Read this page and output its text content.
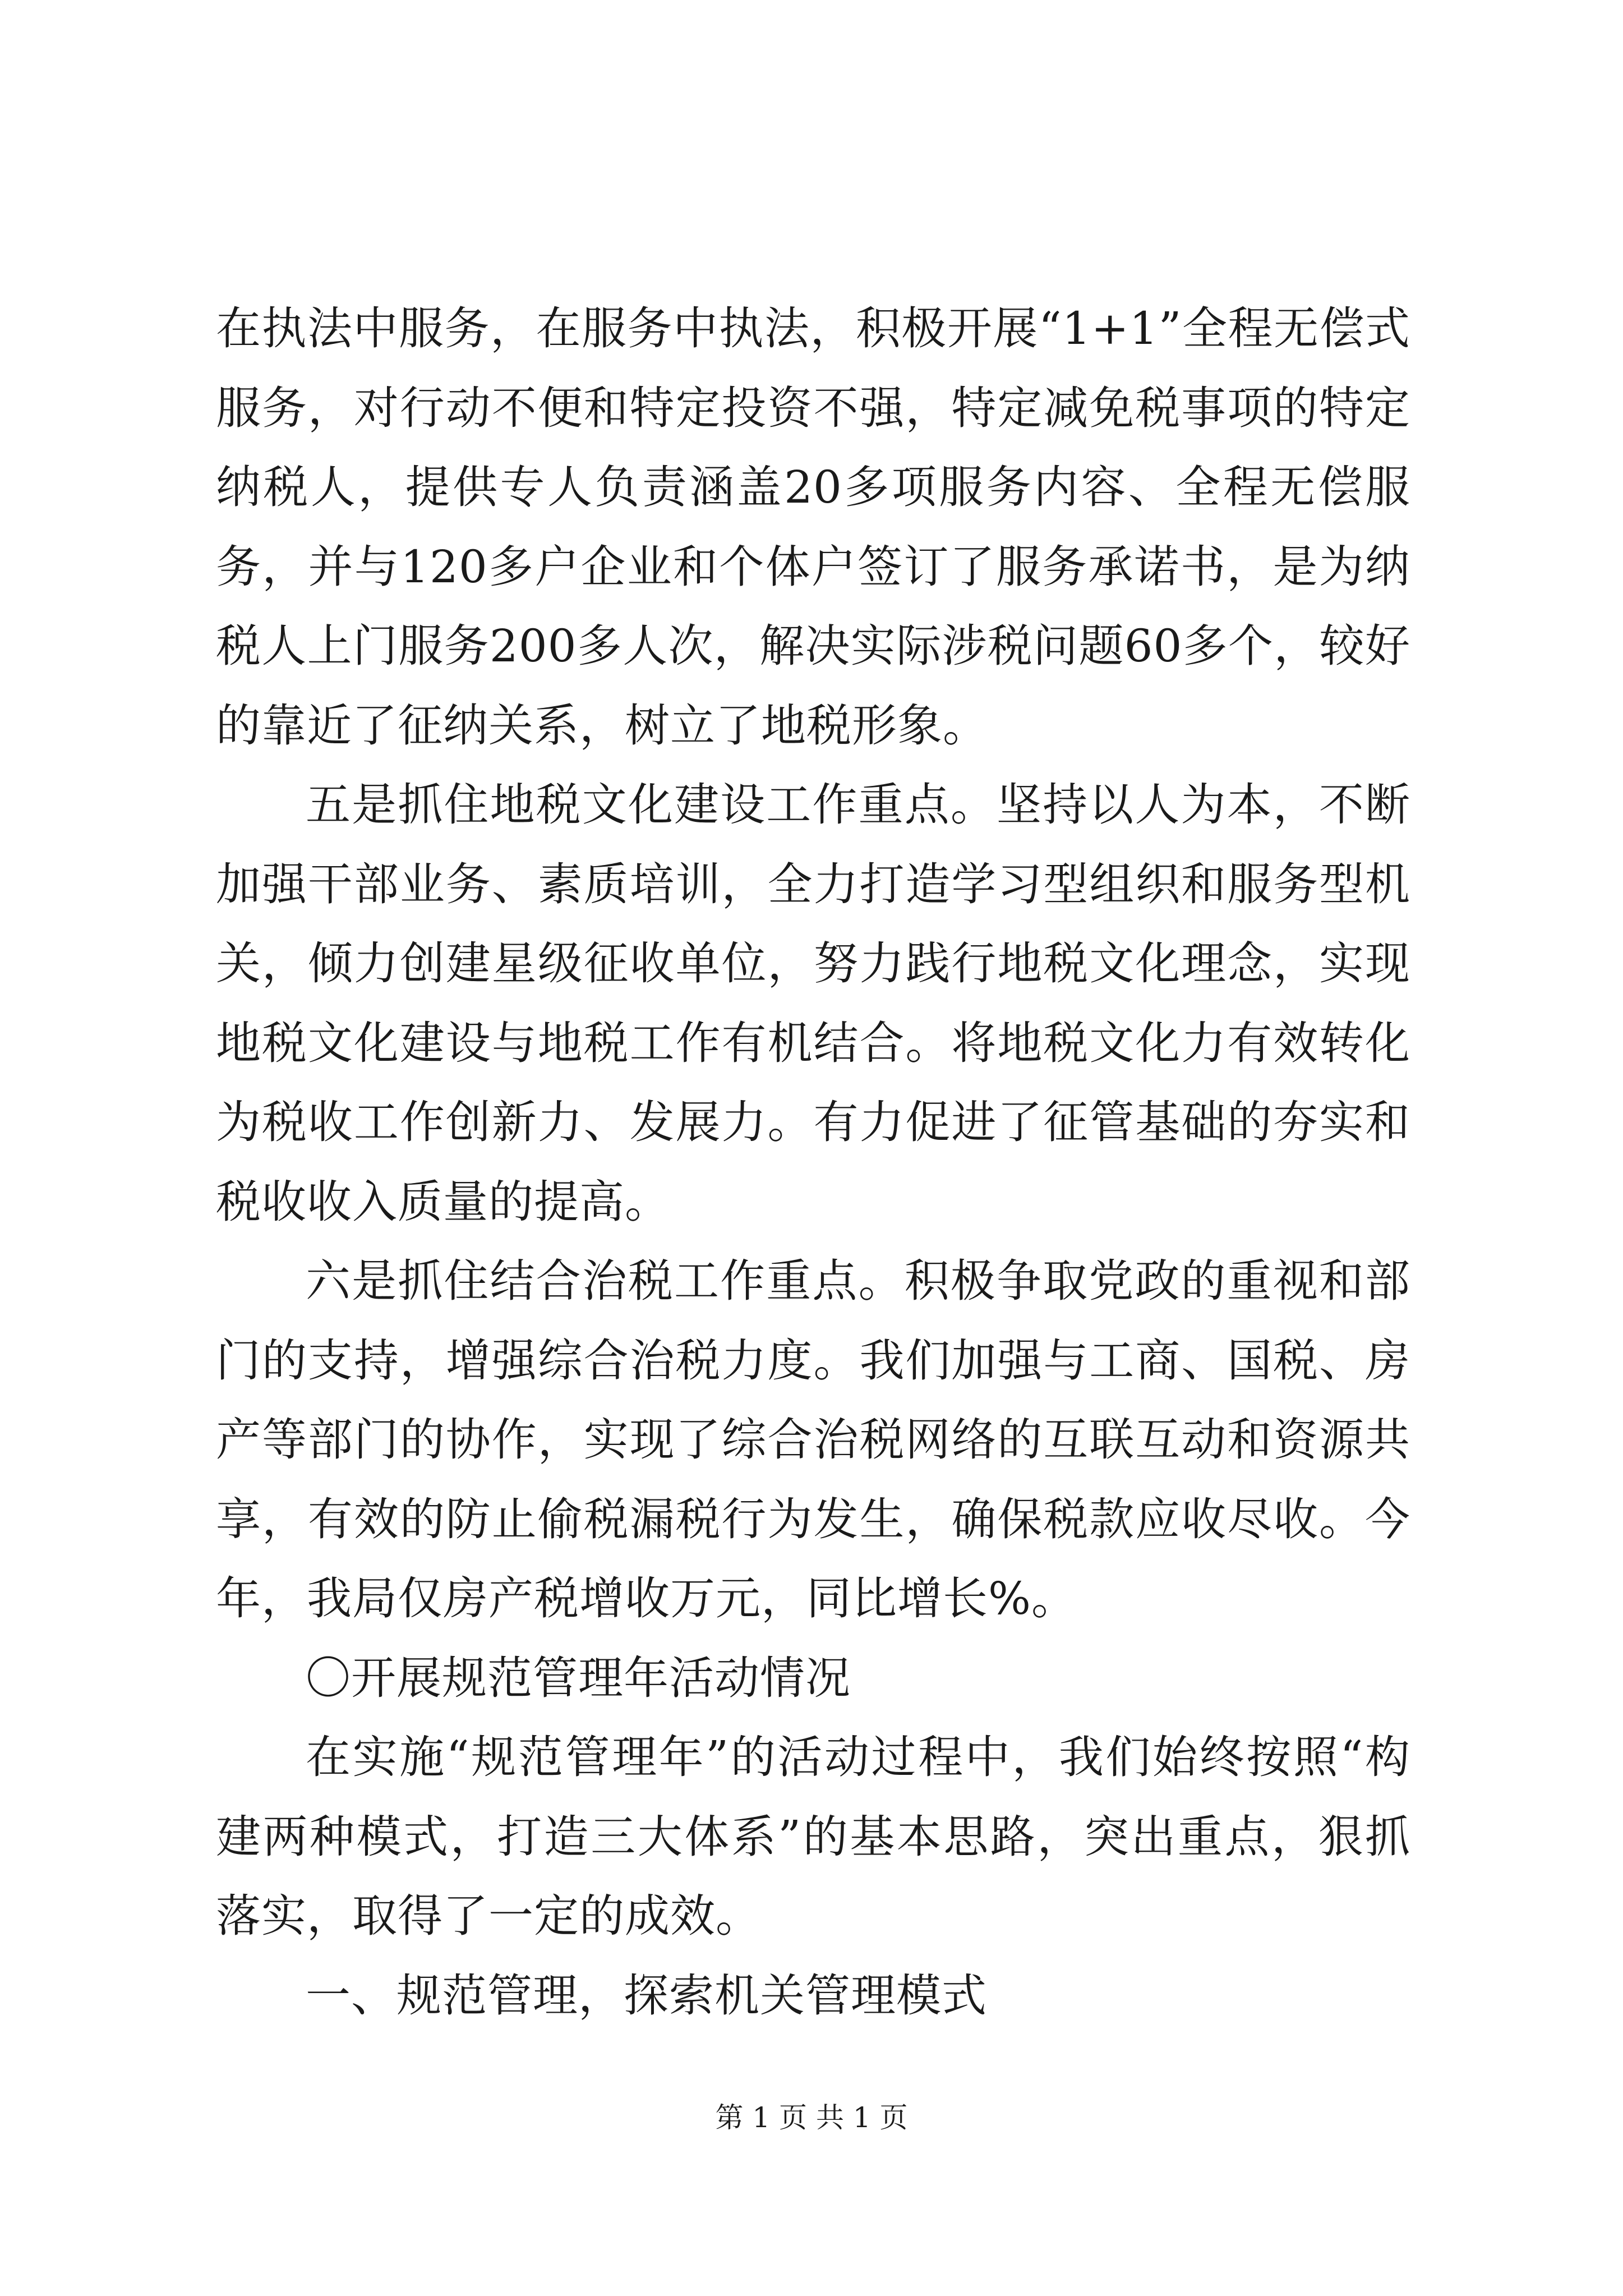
在执法中服务，在服务中执法，积极开展“1+1”全程无偿式服务，对行动不便和特定投资不强，特定减免税事项的特定纳税人，提供专人负责涵盖20多项服务内容、全程无偿服务，并与120多户企业和个体户签订了服务承诺书，是为纳税人上门服务200多人次，解决实际涉税问题60多个，较好的靠近了征纳关系，树立了地税形象。

五是抓住地税文化建设工作重点。坚持以人为本，不断加强干部业务、素质培训，全力打造学习型组织和服务型机关，倾力创建星级征收单位，努力践行地税文化理念，实现地税文化建设与地税工作有机结合。将地税文化力有效转化为税收工作创新力、发展力。有力促进了征管基础的夯实和税收收入质量的提高。

六是抓住结合治税工作重点。积极争取党政的重视和部门的支持，增强综合治税力度。我们加强与工商、国税、房产等部门的协作，实现了综合治税网络的互联互动和资源共享，有效的防止偷税漏税行为发生，确保税款应收尽收。今年，我局仅房产税增收万元，同比增长%。

〇开展规范管理年活动情况

在实施“规范管理年”的活动过程中，我们始终按照“构建两种模式，打造三大体系”的基本思路，突出重点，狠抓落实，取得了一定的成效。

一、规范管理，探索机关管理模式

第 1 页 共 1 页
